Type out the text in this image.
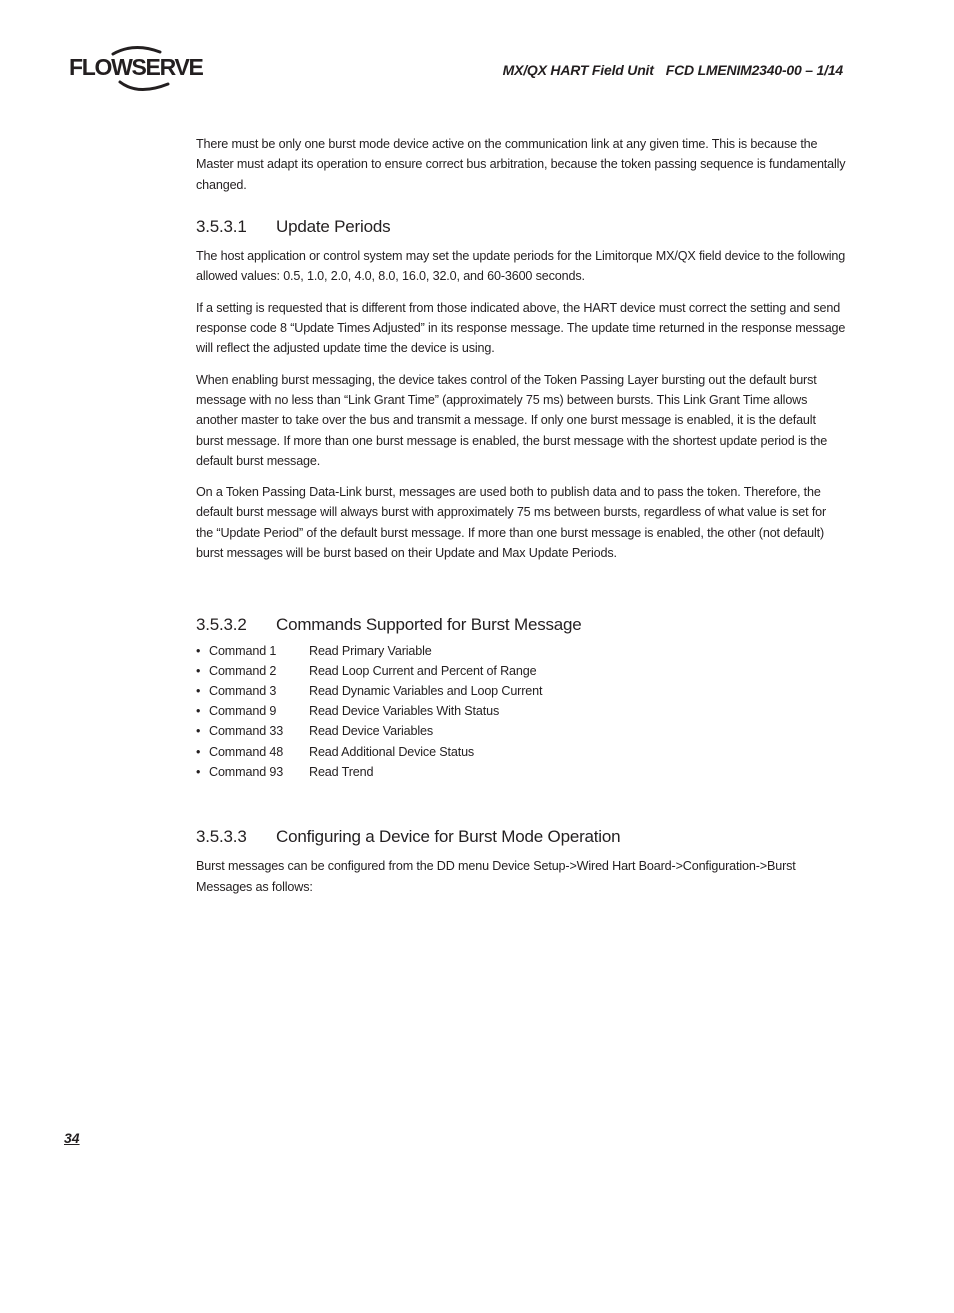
FLOWSERVE	MX/QX HART Field Unit FCD LMENIM2340-00 – 1/14

There must be only one burst mode device active on the communication link at any given time. This is because the Master must adapt its operation to ensure correct bus arbitration, because the token passing sequence is fundamentally changed.

3.5.3.1 Update Periods

The host application or control system may set the update periods for the Limitorque MX/QX field device to the following allowed values: 0.5, 1.0, 2.0, 4.0, 8.0, 16.0, 32.0, and 60-3600 seconds.

If a setting is requested that is different from those indicated above, the HART device must correct the setting and send response code 8 “Update Times Adjusted” in its response message. The update time returned in the response message will reflect the adjusted update time the device is using.

When enabling burst messaging, the device takes control of the Token Passing Layer bursting out the default burst message with no less than “Link Grant Time” (approximately 75 ms) between bursts. This Link Grant Time allows another master to take over the bus and transmit a message. If only one burst message is enabled, it is the default burst message. If more than one burst message is enabled, the burst message with the shortest update period is the default burst message.

On a Token Passing Data-Link burst, messages are used both to publish data and to pass the token. Therefore, the default burst message will always burst with approximately 75 ms between bursts, regardless of what value is set for the “Update Period” of the default burst message. If more than one burst message is enabled, the other (not default) burst messages will be burst based on their Update and Max Update Periods.

3.5.3.2 Commands Supported for Burst Message
• Command 1	Read Primary Variable
• Command 2	Read Loop Current and Percent of Range
• Command 3	Read Dynamic Variables and Loop Current
• Command 9	Read Device Variables With Status
• Command 33	Read Device Variables
• Command 48	Read Additional Device Status
• Command 93	Read Trend
3.5.3.3 Configuring a Device for Burst Mode Operation

Burst messages can be configured from the DD menu Device Setup->Wired Hart Board->Configuration->Burst Messages as follows:

34
